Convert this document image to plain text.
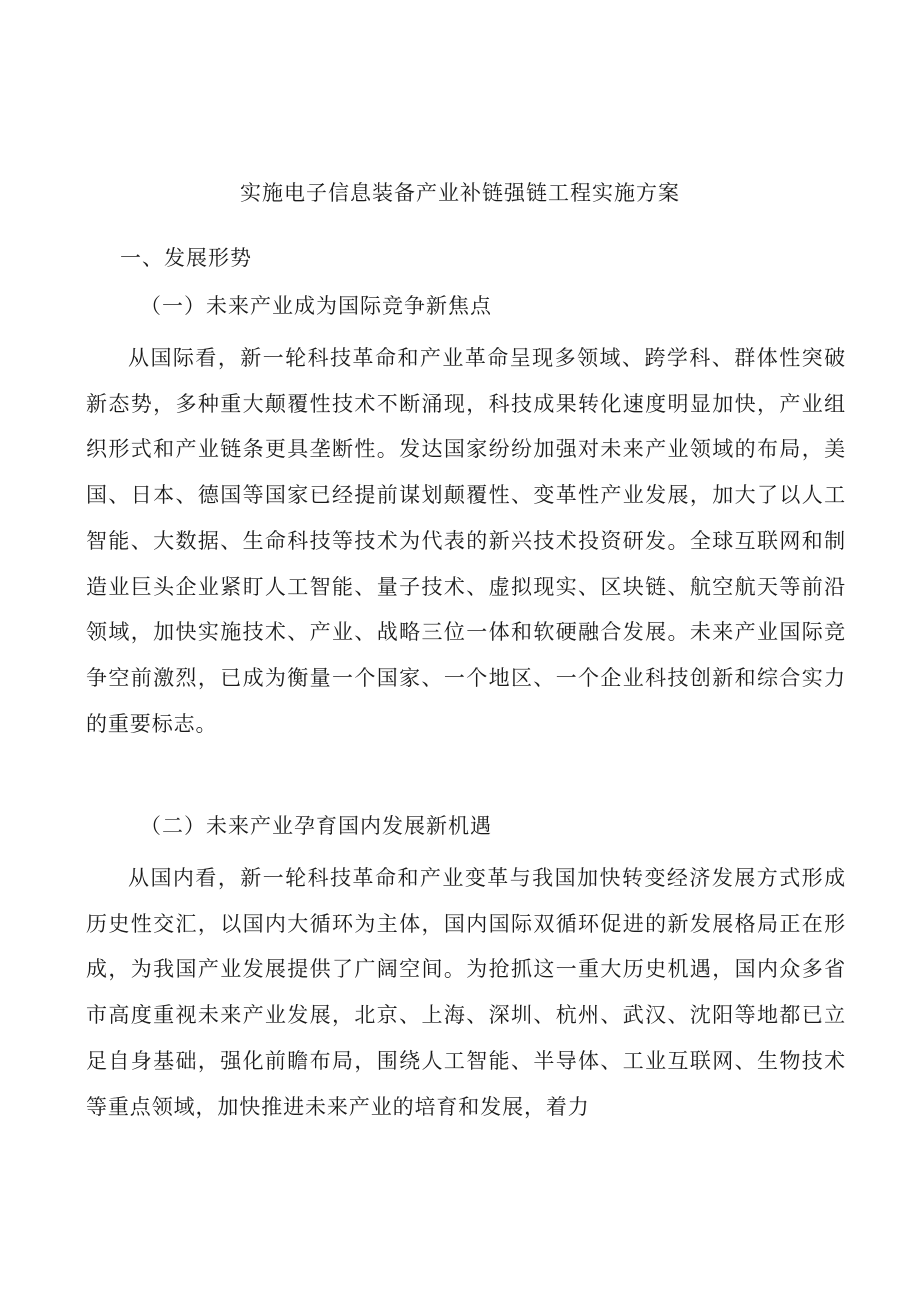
实施电子信息装备产业补链强链工程实施方案
一、发展形势
（一）未来产业成为国际竞争新焦点

从国际看，新一轮科技革命和产业革命呈现多领域、跨学科、群体性突破新态势，多种重大颠覆性技术不断涌现，科技成果转化速度明显加快，产业组织形式和产业链条更具垄断性。发达国家纷纷加强对未来产业领域的布局，美国、日本、德国等国家已经提前谋划颠覆性、变革性产业发展，加大了以人工智能、大数据、生命科技等技术为代表的新兴技术投资研发。全球互联网和制造业巨头企业紧盯人工智能、量子技术、虚拟现实、区块链、航空航天等前沿领域，加快实施技术、产业、战略三位一体和软硬融合发展。未来产业国际竞争空前激烈，已成为衡量一个国家、一个地区、一个企业科技创新和综合实力的重要标志。

（二）未来产业孕育国内发展新机遇

从国内看，新一轮科技革命和产业变革与我国加快转变经济发展方式形成历史性交汇，以国内大循环为主体，国内国际双循环促进的新发展格局正在形成，为我国产业发展提供了广阔空间。为抢抓这一重大历史机遇，国内众多省市高度重视未来产业发展，北京、上海、深圳、杭州、武汉、沈阳等地都已立足自身基础，强化前瞻布局，围绕人工智能、半导体、工业互联网、生物技术等重点领域，加快推进未来产业的培育和发展，着力
